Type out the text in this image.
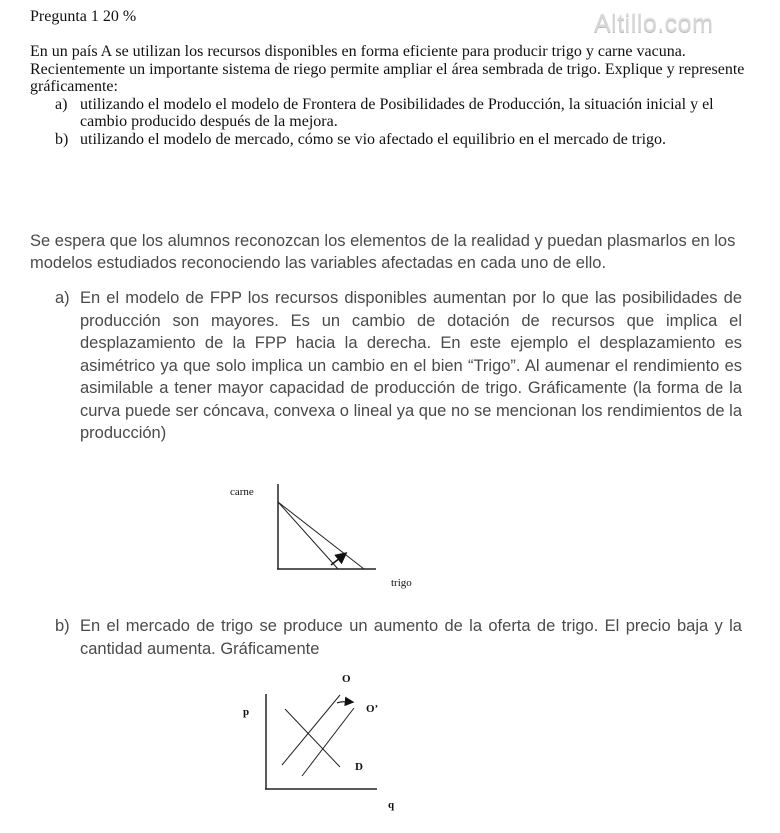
Pregunta 1 20 %	Altillo.com

En un país A se utilizan los recursos disponibles en forma eficiente para producir trigo y carne vacuna. Recientemente un importante sistema de riego permite ampliar el área sembrada de trigo. Explique y represente gráficamente:

a) utilizando el modelo el modelo de Frontera de Posibilidades de Producción, la situación inicial y el cambio producido después de la mejora.
b) utilizando el modelo de mercado, cómo se vio afectado el equilibrio en el mercado de trigo.

Se espera que los alumnos reconozcan los elementos de la realidad y puedan plasmarlos en los modelos estudiados reconociendo las variables afectadas en cada uno de ello.

a) En el modelo de FPP los recursos disponibles aumentan por lo que las posibilidades de producción son mayores. Es un cambio de dotación de recursos que implica el desplazamiento de la FPP hacia la derecha. En este ejemplo el desplazamiento es asimétrico ya que solo implica un cambio en el bien “Trigo”. Al aumenar el rendimiento es asimilable a tener mayor capacidad de producción de trigo. Gráficamente (la forma de la curva puede ser cóncava, convexa o lineal ya que no se mencionan los rendimientos de la producción)
carne
trigo
b) En el mercado de trigo se produce un aumento de la oferta de trigo. El precio baja y la cantidad aumenta. Gráficamente
O
O’
p
D
q
